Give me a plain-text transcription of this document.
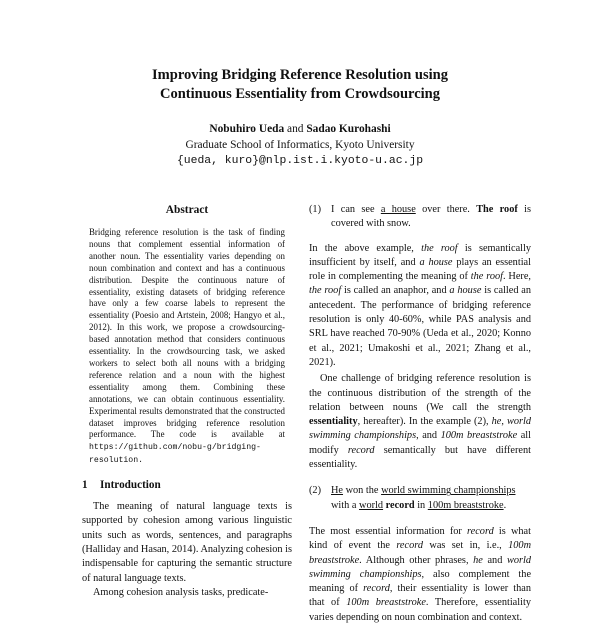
Improving Bridging Reference Resolution using
Continuous Essentiality from Crowdsourcing
Nobuhiro Ueda and Sadao Kurohashi
Graduate School of Informatics, Kyoto University
{ueda, kuro}@nlp.ist.i.kyoto-u.ac.jp
Abstract

Bridging reference resolution is the task of finding nouns that complement essential information of another noun. The essentiality varies depending on noun combination and context and has a continuous distribution. Despite the continuous nature of essentiality, existing datasets of bridging reference have only a few coarse labels to represent the essentiality (Poesio and Artstein, 2008; Hangyo et al., 2012). In this work, we propose a crowdsourcing-based annotation method that considers continuous essentiality. In the crowdsourcing task, we asked workers to select both all nouns with a bridging reference relation and a noun with the highest essentiality among them. Combining these annotations, we can obtain continuous essentiality. Experimental results demonstrated that the constructed dataset improves bridging reference resolution performance. The code is available at https://github.com/nobu-g/bridging-resolution.

1 Introduction

The meaning of natural language texts is supported by cohesion among various linguistic units such as words, sentences, and paragraphs (Halliday and Hasan, 2014). Analyzing cohesion is indispensable for capturing the semantic structure of natural language texts.

Among cohesion analysis tasks, predicate-

(1) I can see a house over there. The roof is covered with snow.

In the above example, the roof is semantically insufficient by itself, and a house plays an essential role in complementing the meaning of the roof. Here, the roof is called an anaphor, and a house is called an antecedent. The performance of bridging reference resolution is only 40-60%, while PAS analysis and SRL have reached 70-90% (Ueda et al., 2020; Konno et al., 2021; Umakoshi et al., 2021; Zhang et al., 2021).

One challenge of bridging reference resolution is the continuous distribution of the strength of the relation between nouns (We call the strength essentiality, hereafter). In the example (2), he, world swimming championships, and 100m breaststroke all modify record semantically but have different essentiality.

(2) He won the world swimming championships
with a world record in 100m breaststroke.

The most essential information for record is what kind of event the record was set in, i.e., 100m breaststroke. Although other phrases, he and world swimming championships, also complement the meaning of record, their essentiality is lower than that of 100m breaststroke. Therefore, essentiality varies depending on noun combination and context.
